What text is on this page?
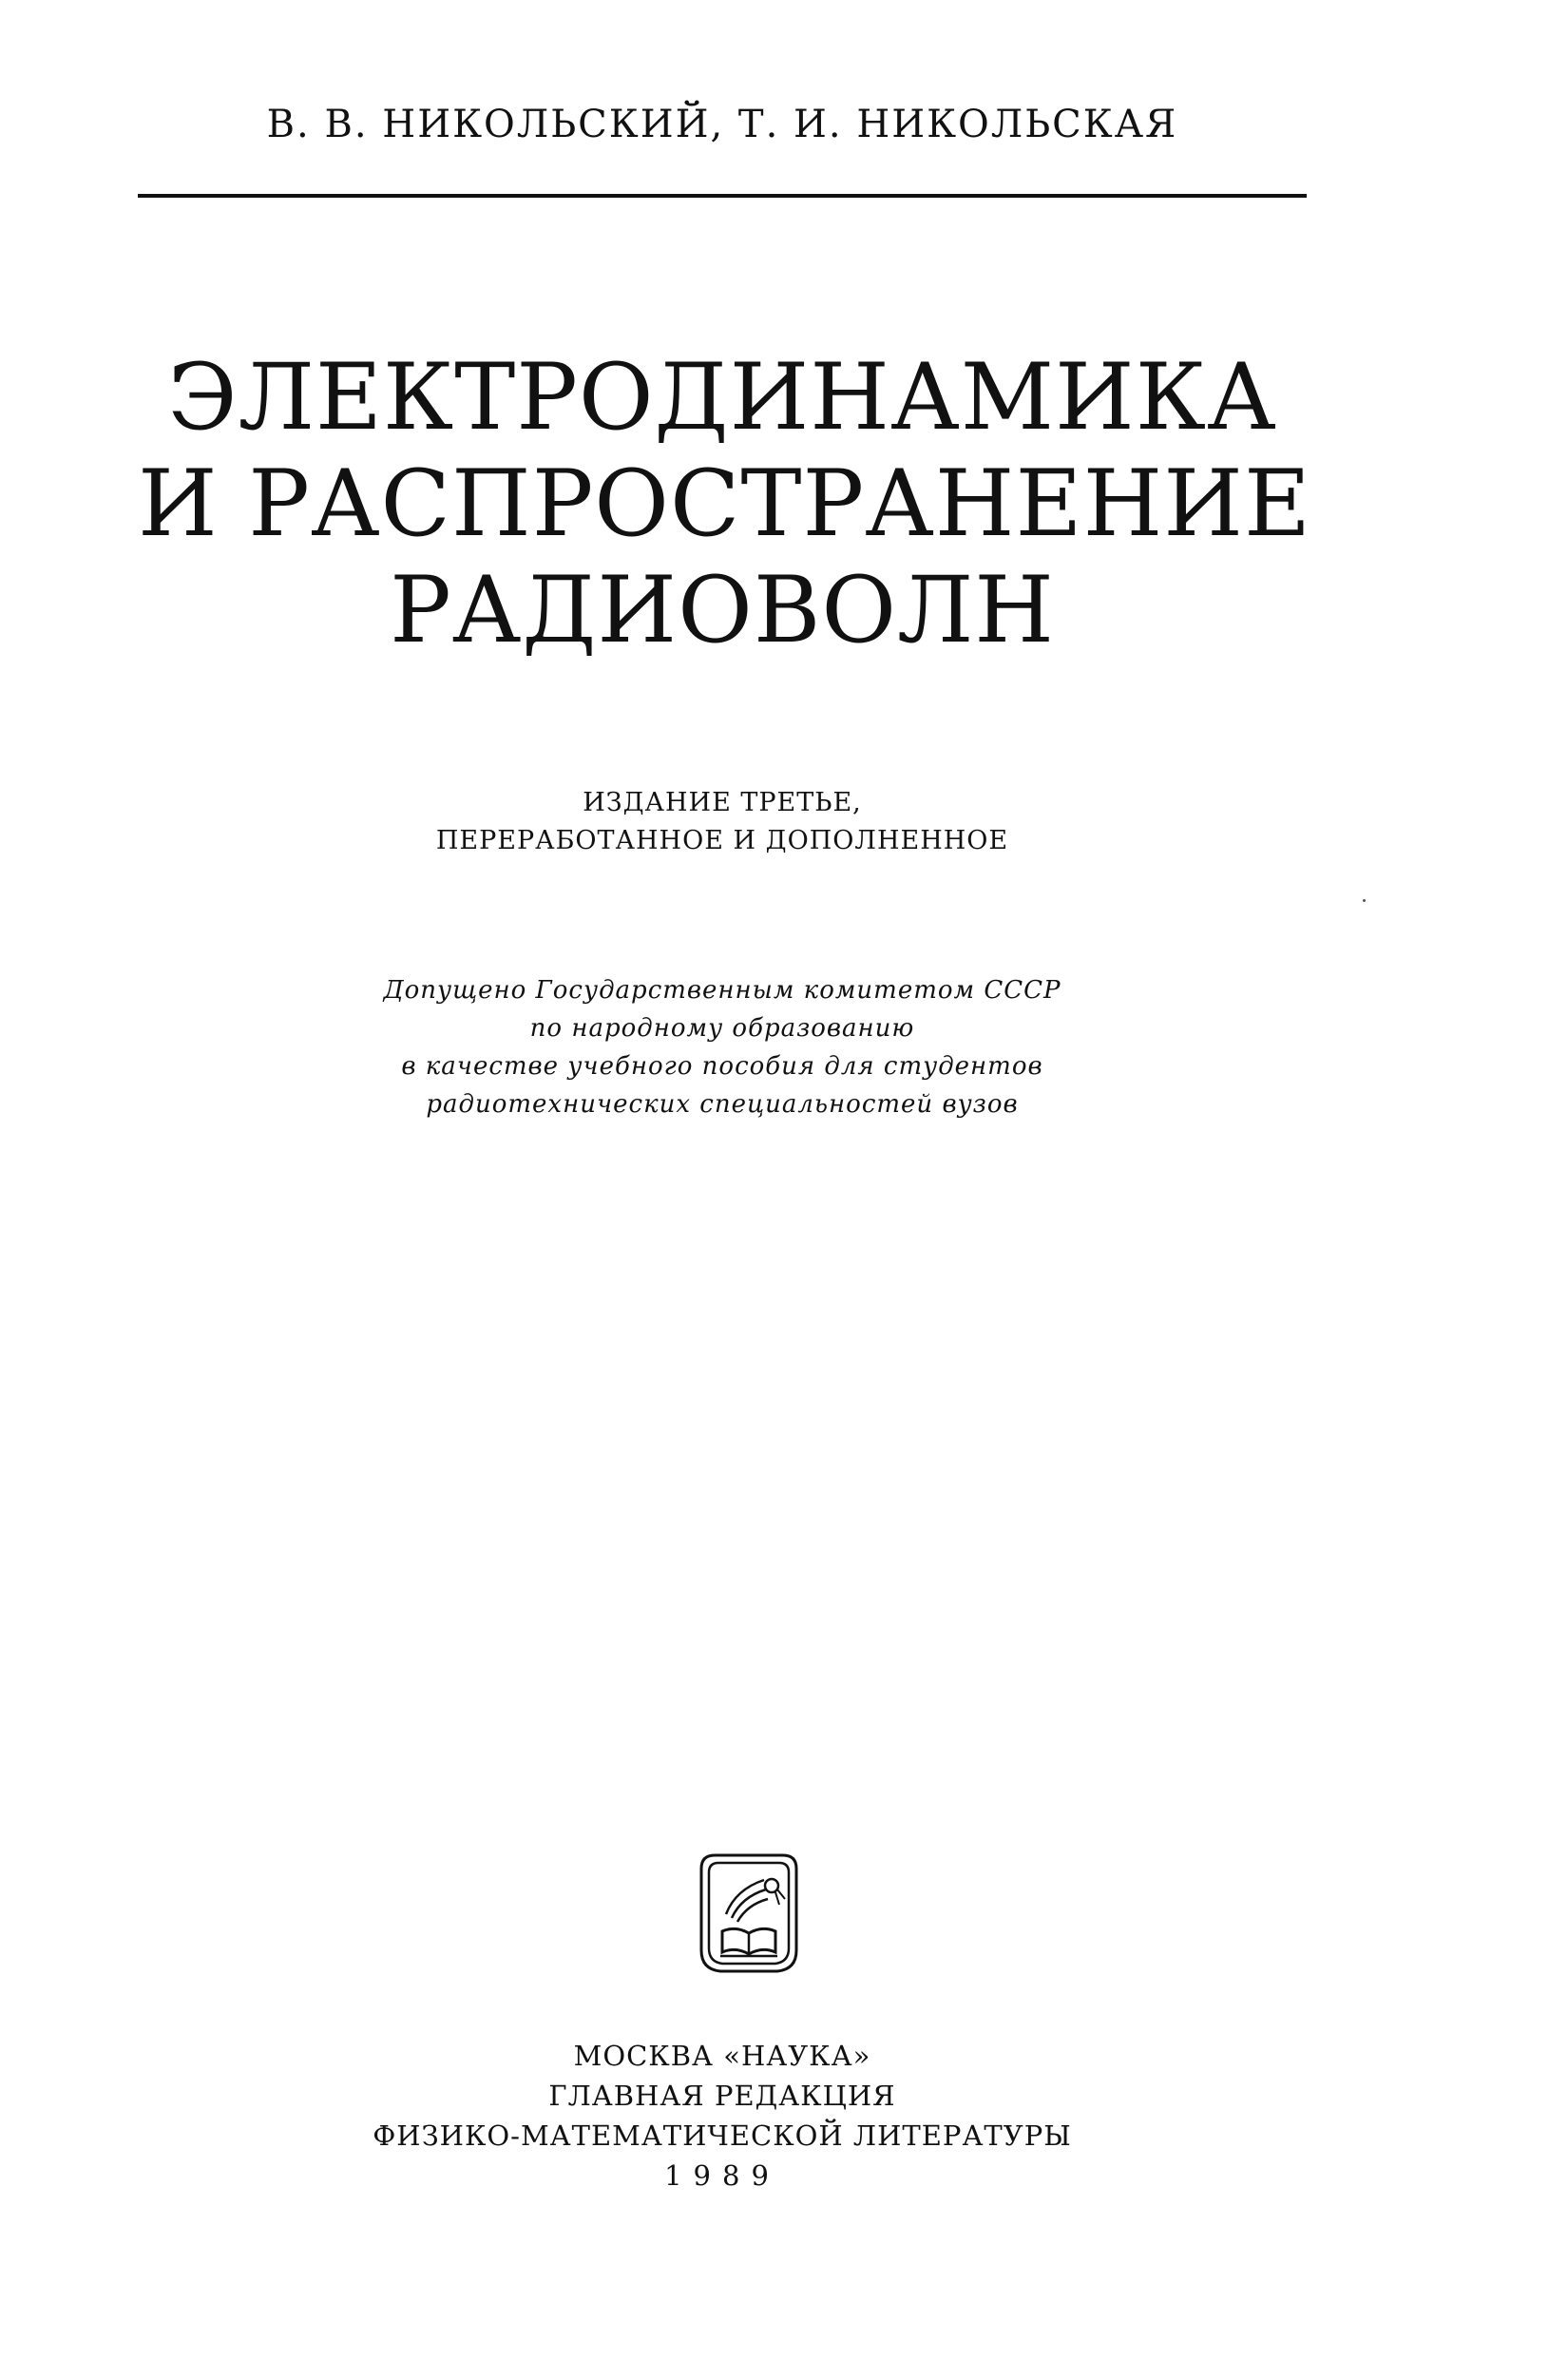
В. В. НИКОЛЬСКИЙ, Т. И. НИКОЛЬСКАЯ
ЭЛЕКТРОДИНАМИКА
И РАСПРОСТРАНЕНИЕ
РАДИОВОЛН
ИЗДАНИЕ ТРЕТЬЕ,
ПЕРЕРАБОТАННОЕ И ДОПОЛНЕННОЕ
Допущено Государственным комитетом СССР
по народному образованию
в качестве учебного пособия для студентов
радиотехнических специальностей вузов
МОСКВА «НАУКА»
ГЛАВНАЯ РЕДАКЦИЯ
ФИЗИКО-МАТЕМАТИЧЕСКОЙ ЛИТЕРАТУРЫ
1989
